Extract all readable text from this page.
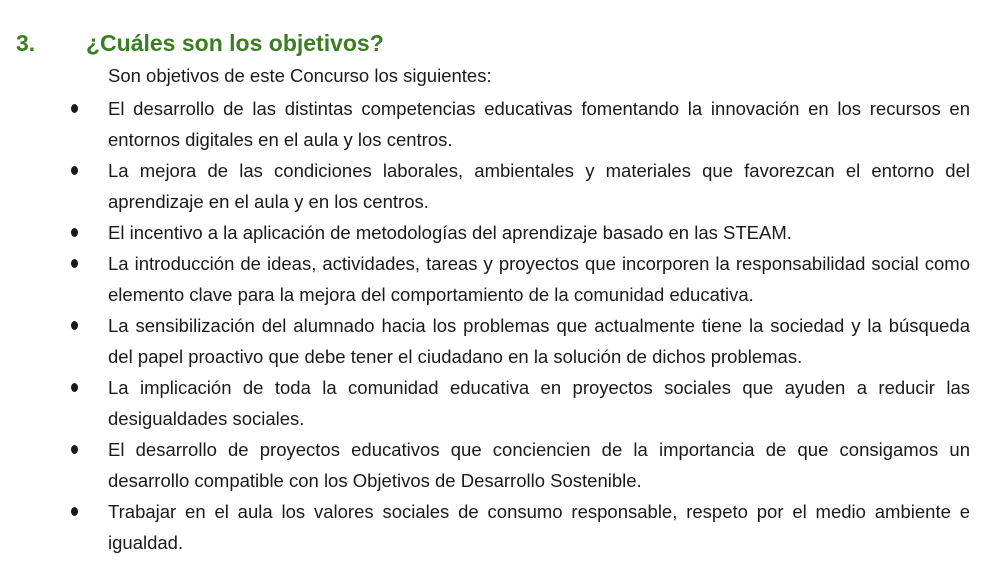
3.	¿Cuáles son los objetivos?
Son objetivos de este Concurso los siguientes:
El desarrollo de las distintas competencias educativas fomentando la innovación en los recursos en entornos digitales en el aula y los centros.
La mejora de las condiciones laborales, ambientales y materiales que favorezcan el entorno del aprendizaje en el aula y en los centros.
El incentivo a la aplicación de metodologías del aprendizaje basado en las STEAM.
La introducción de ideas, actividades, tareas y proyectos que incorporen la responsabilidad social como elemento clave para la mejora del comportamiento de la comunidad educativa.
La sensibilización del alumnado hacia los problemas que actualmente tiene la sociedad y la búsqueda del papel proactivo que debe tener el ciudadano en la solución de dichos problemas.
La implicación de toda la comunidad educativa en proyectos sociales que ayuden a reducir las desigualdades sociales.
El desarrollo de proyectos educativos que conciencien de la importancia de que consigamos un desarrollo compatible con los Objetivos de Desarrollo Sostenible.
Trabajar en el aula los valores sociales de consumo responsable, respeto por el medio ambiente e igualdad.
